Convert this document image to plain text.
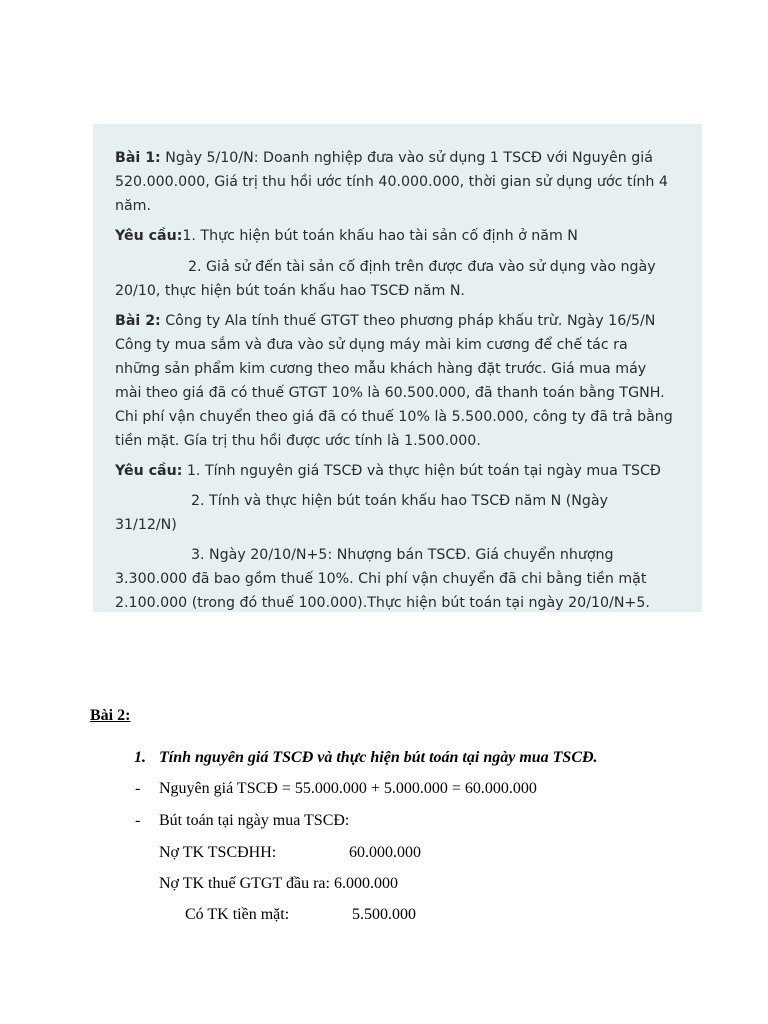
Bài 1: Ngày 5/10/N: Doanh nghiệp đưa vào sử dụng 1 TSCĐ với Nguyên giá
520.000.000, Giá trị thu hồi ước tính 40.000.000, thời gian sử dụng ước tính 4
năm.
Yêu cầu:1. Thực hiện bút toán khấu hao tài sản cố định ở năm N
2. Giả sử đến tài sản cố định trên được đưa vào sử dụng vào ngày
20/10, thực hiện bút toán khấu hao TSCĐ năm N.
Bài 2: Công ty Ala tính thuế GTGT theo phương pháp khấu trừ. Ngày 16/5/N
Công ty mua sắm và đưa vào sử dụng máy mài kim cương để chế tác ra
những sản phẩm kim cương theo mẫu khách hàng đặt trước. Giá mua máy
mài theo giá đã có thuế GTGT 10% là 60.500.000, đã thanh toán bằng TGNH.
Chi phí vận chuyển theo giá đã có thuế 10% là 5.500.000, công ty đã trả bằng
tiền mặt. Gía trị thu hồi được ước tính là 1.500.000.
Yêu cầu: 1. Tính nguyên giá TSCĐ và thực hiện bút toán tại ngày mua TSCĐ
2. Tính và thực hiện bút toán khấu hao TSCĐ năm N (Ngày
31/12/N)
3. Ngày 20/10/N+5: Nhượng bán TSCĐ. Giá chuyển nhượng
3.300.000 đã bao gồm thuế 10%. Chi phí vận chuyển đã chi bằng tiền mặt
2.100.000 (trong đó thuế 100.000).Thực hiện bút toán tại ngày 20/10/N+5.
Bài 2:
1. Tính nguyên giá TSCĐ và thực hiện bút toán tại ngày mua TSCĐ.
- Nguyên giá TSCĐ = 55.000.000 + 5.000.000 = 60.000.000
- Bút toán tại ngày mua TSCĐ:
Nợ TK TSCĐHH:	60.000.000
Nợ TK thuế GTGT đầu ra: 6.000.000
Có TK tiền mặt:	5.500.000
